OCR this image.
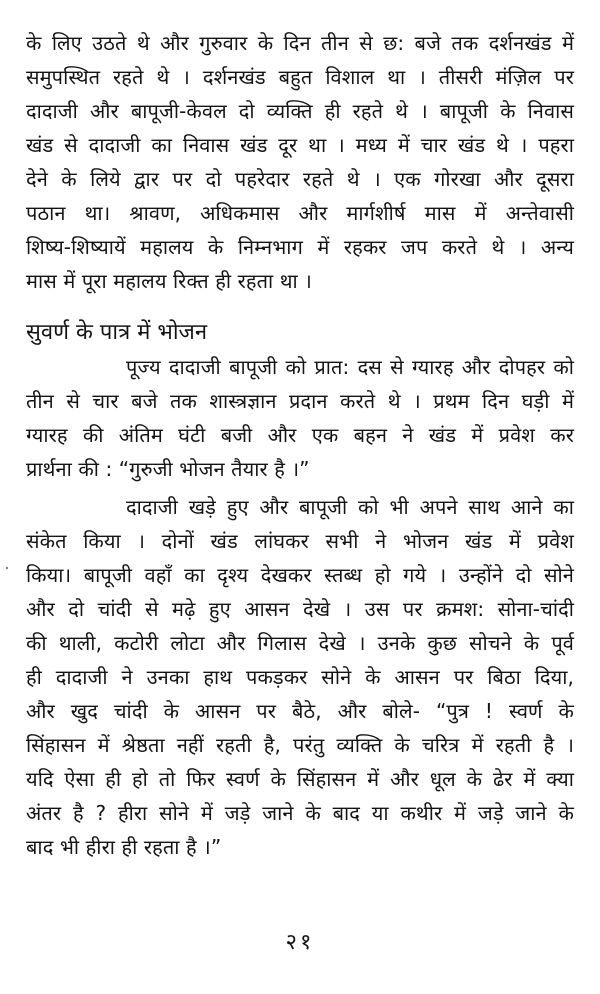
के लिए उठते थे और गुरुवार के दिन तीन से छ: बजे तक दर्शनखंड में
समुपस्थित रहते थे । दर्शनखंड बहुत विशाल था । तीसरी मंज़िल पर
दादाजी और बापूजी-केवल दो व्यक्ति ही रहते थे । बापूजी के निवास
खंड से दादाजी का निवास खंड दूर था । मध्य में चार खंड थे । पहरा
देने के लिये द्वार पर दो पहरेदार रहते थे । एक गोरखा और दूसरा
पठान था। श्रावण, अधिकमास और मार्गशीर्ष मास में अन्तेवासी
शिष्य-शिष्यायें महालय के निम्नभाग में रहकर जप करते थे । अन्य
मास में पूरा महालय रिक्त ही रहता था ।
सुवर्ण के पात्र में भोजन
पूज्य दादाजी बापूजी को प्रात: दस से ग्यारह और दोपहर को
तीन से चार बजे तक शास्त्रज्ञान प्रदान करते थे । प्रथम दिन घड़ी में
ग्यारह की अंतिम घंटी बजी और एक बहन ने खंड में प्रवेश कर
प्रार्थना की : “गुरुजी भोजन तैयार है ।”
दादाजी खड़े हुए और बापूजी को भी अपने साथ आने का
संकेत किया । दोनों खंड लांघकर सभी ने भोजन खंड में प्रवेश
किया। बापूजी वहाँ का दृश्य देखकर स्तब्ध हो गये । उन्होंने दो सोने
और दो चांदी से मढ़े हुए आसन देखे । उस पर क्रमश: सोना-चांदी
की थाली, कटोरी लोटा और गिलास देखे । उनके कुछ सोचने के पूर्व
ही दादाजी ने उनका हाथ पकड़कर सोने के आसन पर बिठा दिया,
और खुद चांदी के आसन पर बैठे, और बोले- “पुत्र ! स्वर्ण के
सिंहासन में श्रेष्ठता नहीं रहती है, परंतु व्यक्ति के चरित्र में रहती है ।
यदि ऐसा ही हो तो फिर स्वर्ण के सिंहासन में और धूल के ढेर में क्या
अंतर है ? हीरा सोने में जड़े जाने के बाद या कथीर में जड़े जाने के
बाद भी हीरा ही रहता है ।”
२१
